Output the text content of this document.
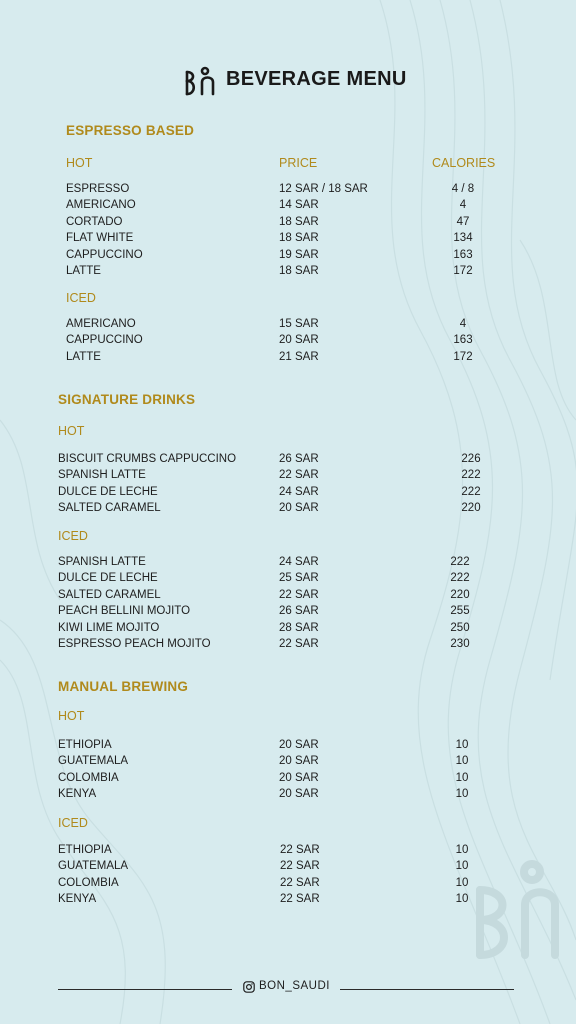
BEVERAGE MENU
ESPRESSO BASED
HOT	PRICE	CALORIES
ESPRESSO	12 SAR / 18 SAR	4 / 8
AMERICANO	14 SAR	4
CORTADO	18 SAR	47
FLAT WHITE	18 SAR	134
CAPPUCCINO	19 SAR	163
LATTE	18 SAR	172
ICED
AMERICANO	15 SAR	4
CAPPUCCINO	20 SAR	163
LATTE	21 SAR	172
SIGNATURE DRINKS
HOT
BISCUIT CRUMBS CAPPUCCINO	26 SAR	226
SPANISH LATTE	22 SAR	222
DULCE DE LECHE	24 SAR	222
SALTED CARAMEL	20 SAR	220
ICED
SPANISH LATTE	24 SAR	222
DULCE DE LECHE	25 SAR	222
SALTED CARAMEL	22 SAR	220
PEACH BELLINI MOJITO	26 SAR	255
KIWI LIME MOJITO	28 SAR	250
ESPRESSO PEACH MOJITO	22 SAR	230
MANUAL BREWING
HOT
ETHIOPIA	20 SAR	10
GUATEMALA	20 SAR	10
COLOMBIA	20 SAR	10
KENYA	20 SAR	10
ICED
ETHIOPIA	22 SAR	10
GUATEMALA	22 SAR	10
COLOMBIA	22 SAR	10
KENYA	22 SAR	10
BON_SAUDI
